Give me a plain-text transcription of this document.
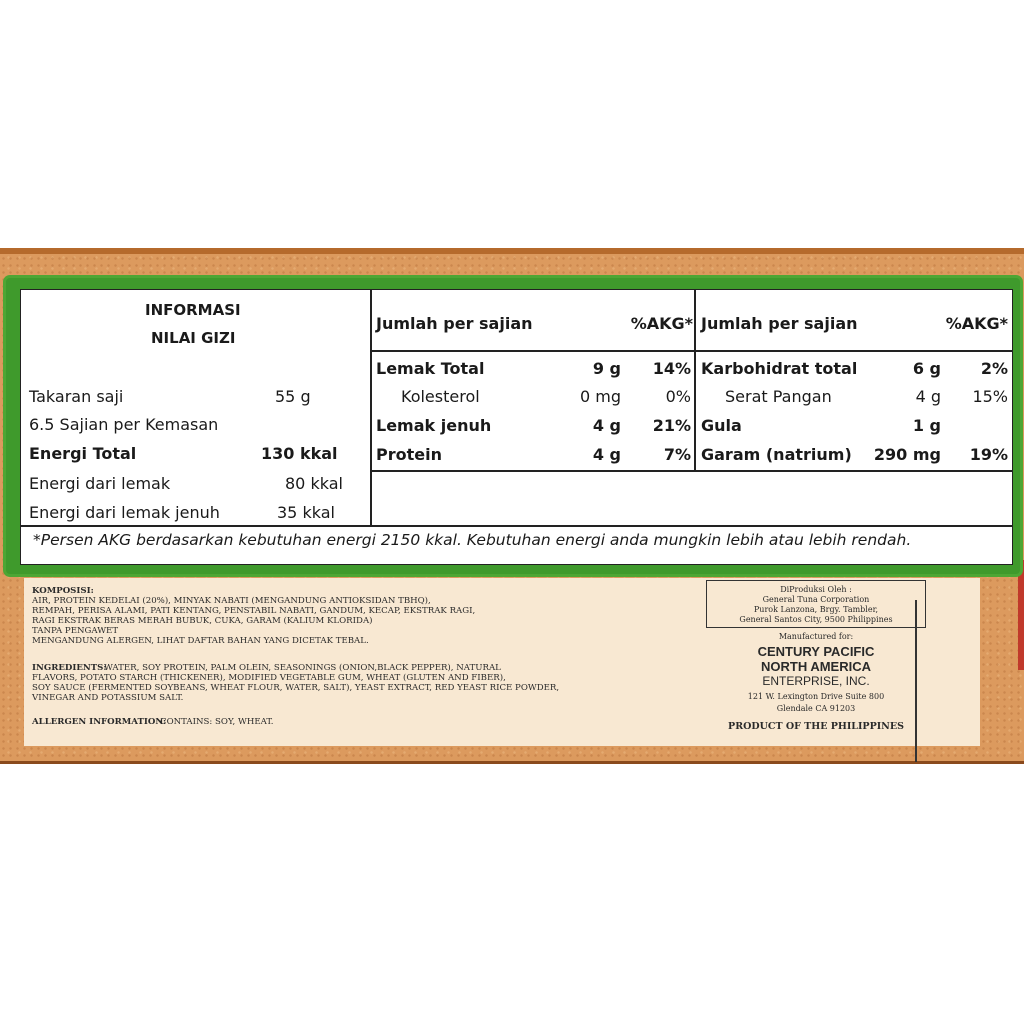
INFORMASI
NILAI GIZI
Takaran saji	55 g
6.5 Sajian per Kemasan
Energi Total	130 kkal
Energi dari lemak	80 kkal
Energi dari lemak jenuh	35 kkal
Jumlah per sajian	%AKG*
Lemak Total	9 g	14%
Kolesterol	0 mg	0%
Lemak jenuh	4 g	21%
Protein	4 g	7%
Jumlah per sajian	%AKG*
Karbohidrat total	6 g	2%
Serat Pangan	4 g	15%
Gula	1 g
Garam (natrium)	290 mg	19%
*Persen AKG berdasarkan kebutuhan energi 2150 kkal. Kebutuhan energi anda mungkin lebih atau lebih rendah.
KOMPOSISI:
AIR, PROTEIN KEDELAI (20%), MINYAK NABATI (MENGANDUNG ANTIOKSIDAN TBHQ),
REMPAH, PERISA ALAMI, PATI KENTANG, PENSTABIL NABATI, GANDUM, KECAP, EKSTRAK RAGI,
RAGI EKSTRAK BERAS MERAH BUBUK, CUKA, GARAM (KALIUM KLORIDA)
TANPA PENGAWET
MENGANDUNG ALERGEN, LIHAT DAFTAR BAHAN YANG DICETAK TEBAL.
INGREDIENTS:
WATER, SOY PROTEIN, PALM OLEIN, SEASONINGS (ONION,BLACK PEPPER), NATURAL
FLAVORS, POTATO STARCH (THICKENER), MODIFIED VEGETABLE GUM, WHEAT (GLUTEN AND FIBER),
SOY SAUCE (FERMENTED SOYBEANS, WHEAT FLOUR, WATER, SALT), YEAST EXTRACT, RED YEAST RICE POWDER,
VINEGAR AND POTASSIUM SALT.
ALLERGEN INFORMATION:
CONTAINS: SOY, WHEAT.
DiProduksi Oleh :
General Tuna Corporation
Purok Lanzona, Brgy. Tambler,
General Santos City, 9500 Philippines
Manufactured for:
CENTURY PACIFIC
NORTH AMERICA
ENTERPRISE, INC.
121 W. Lexington Drive Suite 800
Glendale CA 91203
PRODUCT OF THE PHILIPPINES
